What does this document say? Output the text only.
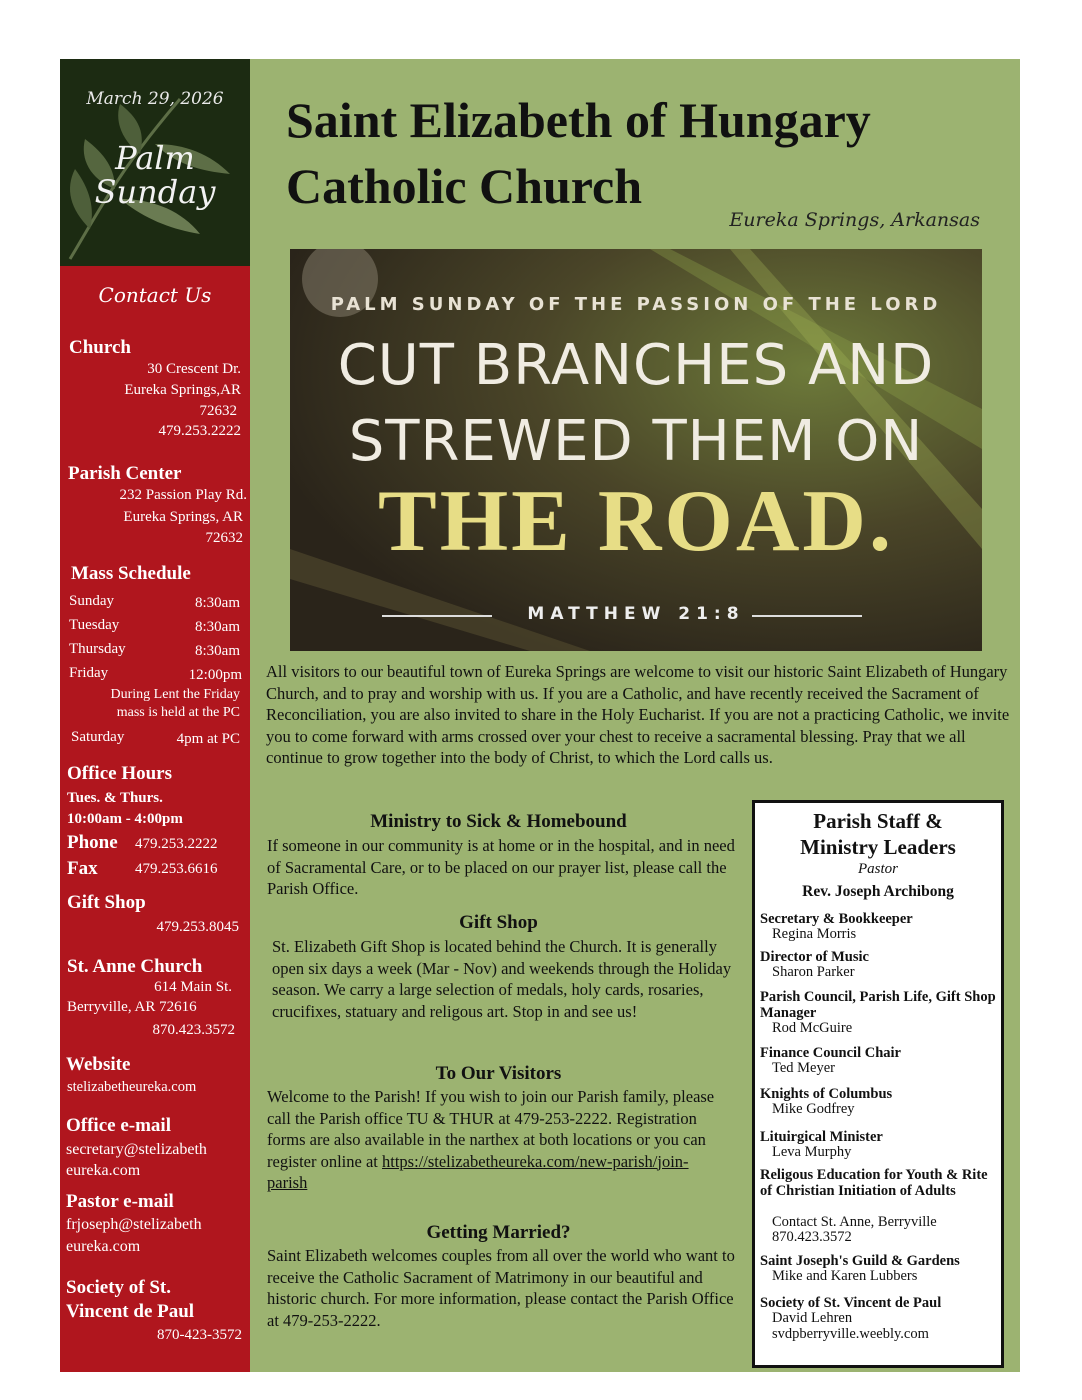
March 29, 2026
Palm
Sunday
Contact Us
Church
30 Crescent Dr.
Eureka Springs,AR
72632
479.253.2222
Parish Center
232 Passion Play Rd.
Eureka Springs, AR
72632
Mass Schedule
Sunday	8:30am
Tuesday	8:30am
Thursday	8:30am
Friday	12:00pm
During Lent the Friday
mass is held at the PC
Saturday	4pm at PC
Office Hours
Tues. & Thurs.
10:00am - 4:00pm
Phone 479.253.2222
Fax 479.253.6616
Gift Shop
479.253.8045
St. Anne Church
614 Main St.
Berryville, AR 72616
870.423.3572
Website
stelizabetheureka.com
Office e-mail
secretary@stelizabeth
eureka.com
Pastor e-mail
frjoseph@stelizabeth
eureka.com
Society of St.
Vincent de Paul
870-423-3572
Saint Elizabeth of Hungary
Catholic Church
Eureka Springs, Arkansas
PALM SUNDAY OF THE PASSION OF THE LORD
CUT BRANCHES AND
STREWED THEM ON
THE ROAD.
MATTHEW 21:8
All visitors to our beautiful town of Eureka Springs are welcome to visit our historic Saint Elizabeth of Hungary Church, and to pray and worship with us. If you are a Catholic, and have recently received the Sacrament of Reconciliation, you are also invited to share in the Holy Eucharist. If you are not a practicing Catholic, we invite you to come forward with arms crossed over your chest to receive a sacramental blessing. Pray that we all continue to grow together into the body of Christ, to which the Lord calls us.
Ministry to Sick & Homebound
If someone in our community is at home or in the hospital, and in need of Sacramental Care, or to be placed on our prayer list, please call the Parish Office.
Gift Shop
St. Elizabeth Gift Shop is located behind the Church. It is generally open six days a week (Mar - Nov) and weekends through the Holiday season. We carry a large selection of medals, holy cards, rosaries, crucifixes, statuary and religous art. Stop in and see us!
To Our Visitors
Welcome to the Parish! If you wish to join our Parish family, please call the Parish office TU & THUR at 479-253-2222. Registration forms are also available in the narthex at both locations or you can register online at https://stelizabetheureka.com/new-parish/join-parish
Getting Married?
Saint Elizabeth welcomes couples from all over the world who want to receive the Catholic Sacrament of Matrimony in our beautiful and historic church. For more information, please contact the Parish Office at 479-253-2222.
Parish Staff &
Ministry Leaders
Pastor
Rev. Joseph Archibong
Secretary & Bookkeeper
Regina Morris
Director of Music
Sharon Parker
Parish Council, Parish Life, Gift Shop Manager
Rod McGuire
Finance Council Chair
Ted Meyer
Knights of Columbus
Mike Godfrey
Lituirgical Minister
Leva Murphy
Religous Education for Youth & Rite of Christian Initiation of Adults
Contact St. Anne, Berryville
870.423.3572
Saint Joseph's Guild & Gardens
Mike and Karen Lubbers
Society of St. Vincent de Paul
David Lehren
svdpberryville.weebly.com
